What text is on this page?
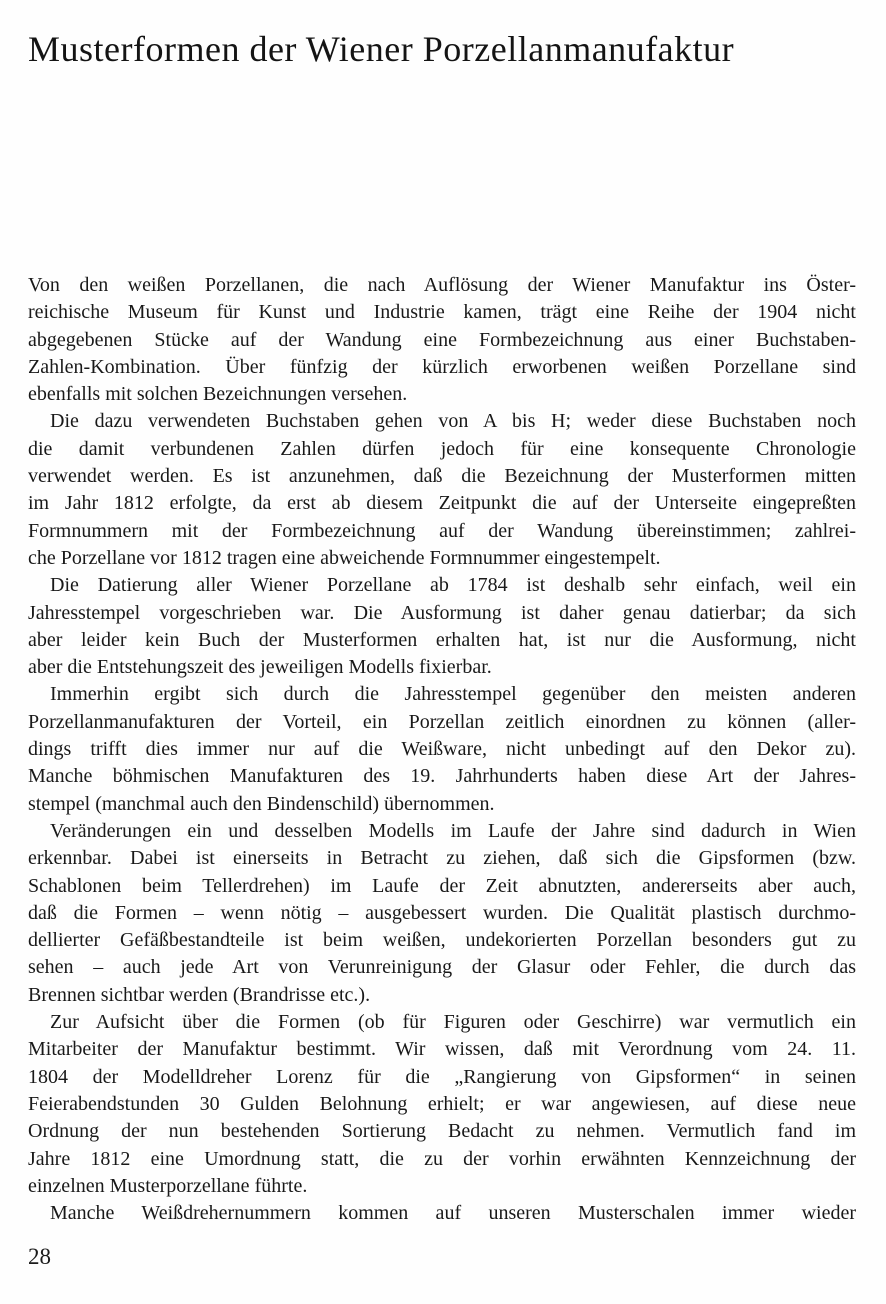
Musterformen der Wiener Porzellanmanufaktur
Von den weißen Porzellanen, die nach Auflösung der Wiener Manufaktur ins Öster-
reichische Museum für Kunst und Industrie kamen, trägt eine Reihe der 1904 nicht
abgegebenen Stücke auf der Wandung eine Formbezeichnung aus einer Buchstaben-
Zahlen-Kombination. Über fünfzig der kürzlich erworbenen weißen Porzellane sind
ebenfalls mit solchen Bezeichnungen versehen.
Die dazu verwendeten Buchstaben gehen von A bis H; weder diese Buchstaben noch
die damit verbundenen Zahlen dürfen jedoch für eine konsequente Chronologie
verwendet werden. Es ist anzunehmen, daß die Bezeichnung der Musterformen mitten
im Jahr 1812 erfolgte, da erst ab diesem Zeitpunkt die auf der Unterseite eingepreßten
Formnummern mit der Formbezeichnung auf der Wandung übereinstimmen; zahlrei-
che Porzellane vor 1812 tragen eine abweichende Formnummer eingestempelt.
Die Datierung aller Wiener Porzellane ab 1784 ist deshalb sehr einfach, weil ein
Jahresstempel vorgeschrieben war. Die Ausformung ist daher genau datierbar; da sich
aber leider kein Buch der Musterformen erhalten hat, ist nur die Ausformung, nicht
aber die Entstehungszeit des jeweiligen Modells fixierbar.
Immerhin ergibt sich durch die Jahresstempel gegenüber den meisten anderen
Porzellanmanufakturen der Vorteil, ein Porzellan zeitlich einordnen zu können (aller-
dings trifft dies immer nur auf die Weißware, nicht unbedingt auf den Dekor zu).
Manche böhmischen Manufakturen des 19. Jahrhunderts haben diese Art der Jahres-
stempel (manchmal auch den Bindenschild) übernommen.
Veränderungen ein und desselben Modells im Laufe der Jahre sind dadurch in Wien
erkennbar. Dabei ist einerseits in Betracht zu ziehen, daß sich die Gipsformen (bzw.
Schablonen beim Tellerdrehen) im Laufe der Zeit abnutzten, andererseits aber auch,
daß die Formen – wenn nötig – ausgebessert wurden. Die Qualität plastisch durchmo-
dellierter Gefäßbestandteile ist beim weißen, undekorierten Porzellan besonders gut zu
sehen – auch jede Art von Verunreinigung der Glasur oder Fehler, die durch das
Brennen sichtbar werden (Brandrisse etc.).
Zur Aufsicht über die Formen (ob für Figuren oder Geschirre) war vermutlich ein
Mitarbeiter der Manufaktur bestimmt. Wir wissen, daß mit Verordnung vom 24. 11.
1804 der Modelldreher Lorenz für die „Rangierung von Gipsformen“ in seinen
Feierabendstunden 30 Gulden Belohnung erhielt; er war angewiesen, auf diese neue
Ordnung der nun bestehenden Sortierung Bedacht zu nehmen. Vermutlich fand im
Jahre 1812 eine Umordnung statt, die zu der vorhin erwähnten Kennzeichnung der
einzelnen Musterporzellane führte.
Manche Weißdrehernummern kommen auf unseren Musterschalen immer wieder
28
